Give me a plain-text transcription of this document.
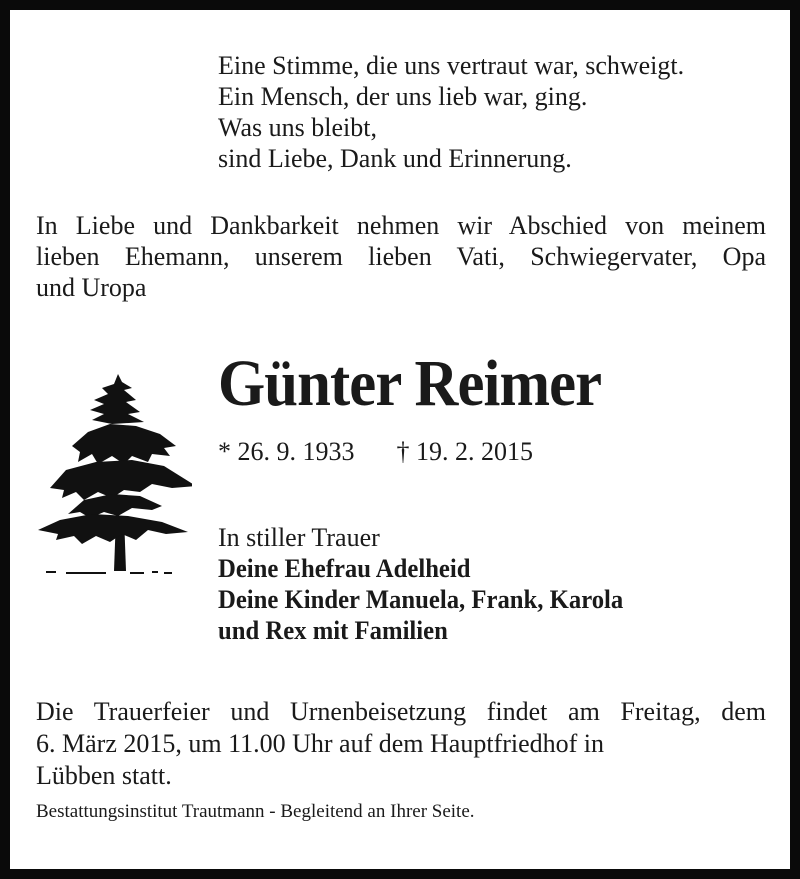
Eine Stimme, die uns vertraut war, schweigt.
Ein Mensch, der uns lieb war, ging.
Was uns bleibt,
sind Liebe, Dank und Erinnerung.
In Liebe und Dankbarkeit nehmen wir Abschied von meinem
lieben Ehemann, unserem lieben Vati, Schwiegervater, Opa
und Uropa
Günter Reimer
* 26. 9. 1933 † 19. 2. 2015
In stiller Trauer
Deine Ehefrau Adelheid
Deine Kinder Manuela, Frank, Karola
und Rex mit Familien
Die Trauerfeier und Urnenbeisetzung findet am Freitag, dem
6. März 2015, um 11.00 Uhr auf dem Hauptfriedhof in
Lübben statt.
Bestattungsinstitut Trautmann - Begleitend an Ihrer Seite.
